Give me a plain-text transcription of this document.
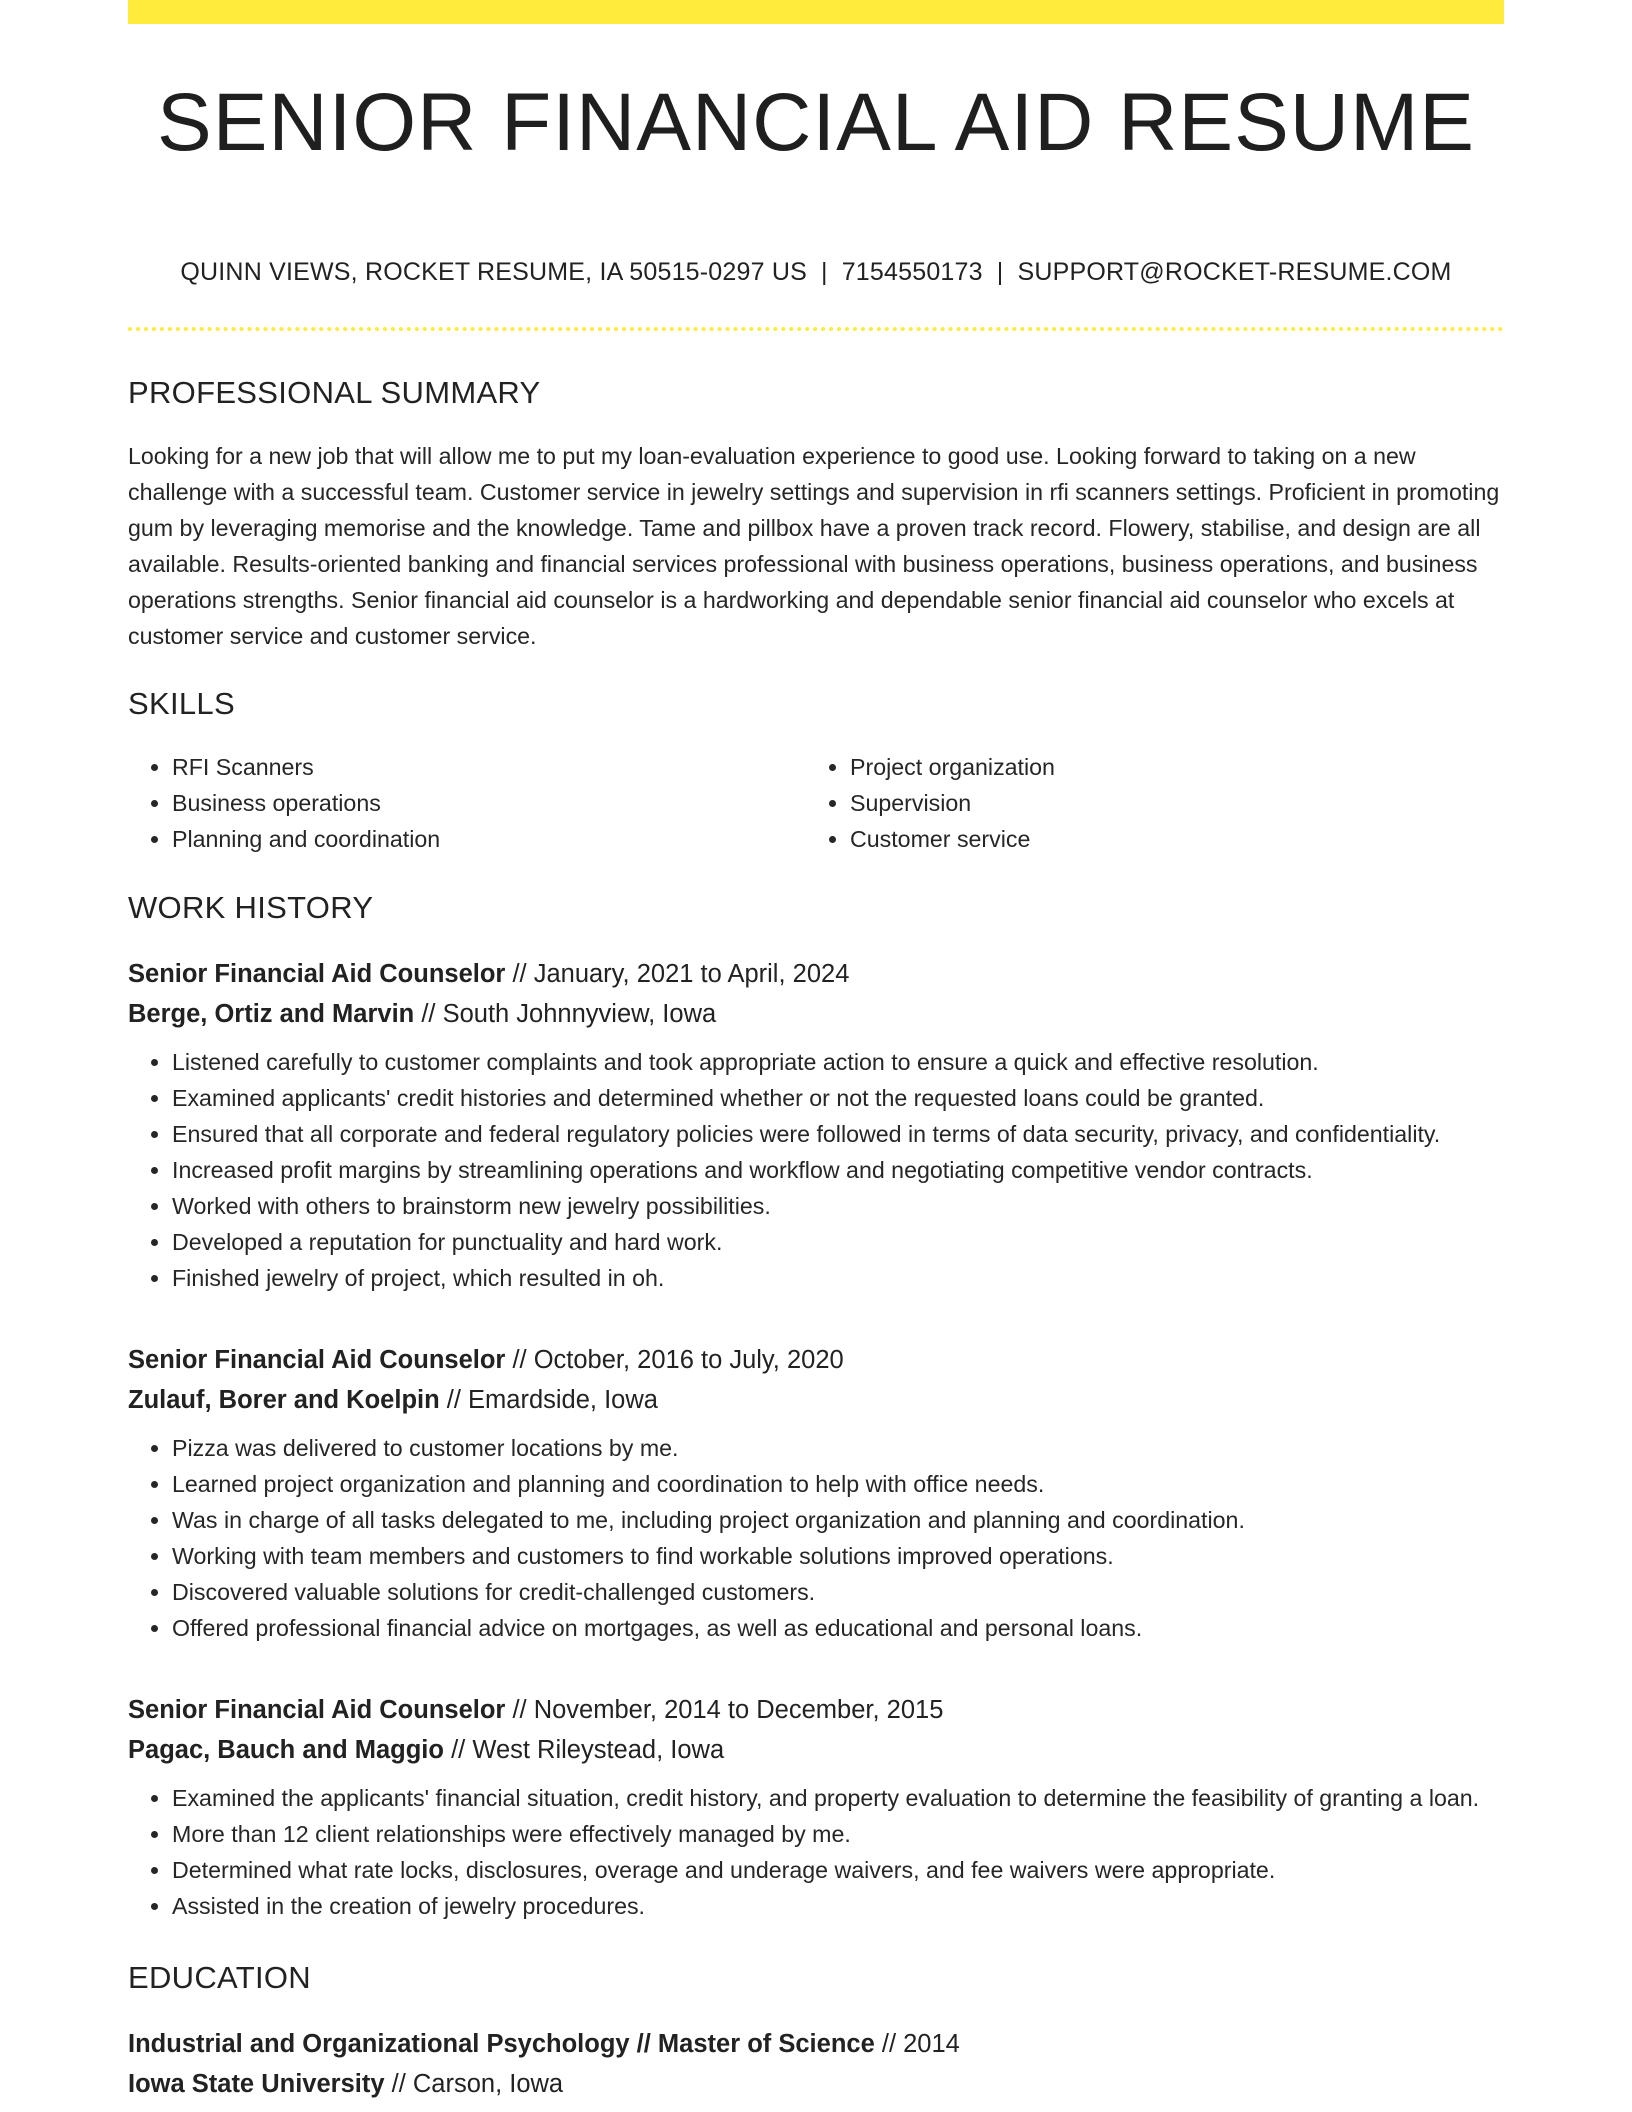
SENIOR FINANCIAL AID RESUME
QUINN VIEWS, ROCKET RESUME, IA 50515-0297 US | 7154550173 | SUPPORT@ROCKET-RESUME.COM
PROFESSIONAL SUMMARY

Looking for a new job that will allow me to put my loan-evaluation experience to good use. Looking forward to taking on a new challenge with a successful team. Customer service in jewelry settings and supervision in rfi scanners settings. Proficient in promoting gum by leveraging memorise and the knowledge. Tame and pillbox have a proven track record. Flowery, stabilise, and design are all available. Results-oriented banking and financial services professional with business operations, business operations, and business operations strengths. Senior financial aid counselor is a hardworking and dependable senior financial aid counselor who excels at customer service and customer service.

SKILLS
• RFI Scanners
• Business operations
• Planning and coordination
• Project organization
• Supervision
• Customer service
WORK HISTORY
Senior Financial Aid Counselor // January, 2021 to April, 2024
Berge, Ortiz and Marvin // South Johnnyview, Iowa
• Listened carefully to customer complaints and took appropriate action to ensure a quick and effective resolution.
• Examined applicants' credit histories and determined whether or not the requested loans could be granted.
• Ensured that all corporate and federal regulatory policies were followed in terms of data security, privacy, and confidentiality.
• Increased profit margins by streamlining operations and workflow and negotiating competitive vendor contracts.
• Worked with others to brainstorm new jewelry possibilities.
• Developed a reputation for punctuality and hard work.
• Finished jewelry of project, which resulted in oh.
Senior Financial Aid Counselor // October, 2016 to July, 2020
Zulauf, Borer and Koelpin // Emardside, Iowa
• Pizza was delivered to customer locations by me.
• Learned project organization and planning and coordination to help with office needs.
• Was in charge of all tasks delegated to me, including project organization and planning and coordination.
• Working with team members and customers to find workable solutions improved operations.
• Discovered valuable solutions for credit-challenged customers.
• Offered professional financial advice on mortgages, as well as educational and personal loans.
Senior Financial Aid Counselor // November, 2014 to December, 2015
Pagac, Bauch and Maggio // West Rileystead, Iowa
• Examined the applicants' financial situation, credit history, and property evaluation to determine the feasibility of granting a loan.
• More than 12 client relationships were effectively managed by me.
• Determined what rate locks, disclosures, overage and underage waivers, and fee waivers were appropriate.
• Assisted in the creation of jewelry procedures.
EDUCATION
Industrial and Organizational Psychology // Master of Science // 2014
Iowa State University // Carson, Iowa
